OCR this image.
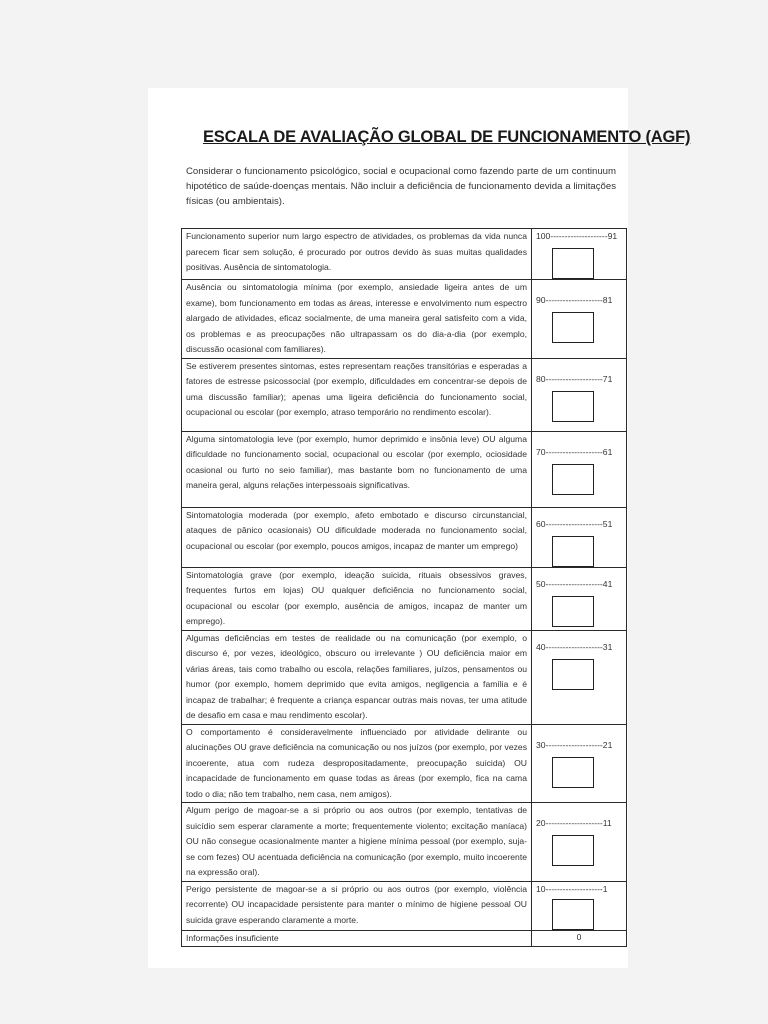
ESCALA DE AVALIAÇÃO GLOBAL DE FUNCIONAMENTO (AGF)
Considerar o funcionamento psicológico, social e ocupacional como fazendo parte de um continuum hipotético de saúde-doenças mentais. Não incluir a deficiência de funcionamento devida a limitações físicas (ou ambientais).
Funcionamento superior num largo espectro de atividades, os problemas da vida nunca parecem ficar sem solução, é procurado por outros devido às suas muitas qualidades positivas. Ausência de sintomatologia.	100--------------------91

Ausência ou sintomatologia mínima (por exemplo, ansiedade ligeira antes de um exame), bom funcionamento em todas as áreas, interesse e envolvimento num espectro alargado de atividades, eficaz socialmente, de uma maneira geral satisfeito com a vida, os problemas e as preocupações não ultrapassam os do dia-a-dia (por exemplo, discussão ocasional com familiares).	90--------------------81

Se estiverem presentes sintomas, estes representam reações transitórias e esperadas a fatores de estresse psicossocial (por exemplo, dificuldades em concentrar-se depois de uma discussão familiar); apenas uma ligeira deficiência do funcionamento social, ocupacional ou escolar (por exemplo, atraso temporário no rendimento escolar).	80--------------------71

Alguma sintomatologia leve (por exemplo, humor deprimido e insônia leve) OU alguma dificuldade no funcionamento social, ocupacional ou escolar (por exemplo, ociosidade ocasional ou furto no seio familiar), mas bastante bom no funcionamento de uma maneira geral, alguns relações interpessoais significativas.	70--------------------61

Sintomatologia moderada (por exemplo, afeto embotado e discurso circunstancial, ataques de pânico ocasionais) OU dificuldade moderada no funcionamento social, ocupacional ou escolar (por exemplo, poucos amigos, incapaz de manter um emprego)	60--------------------51

Sintomatologia grave (por exemplo, ideação suicida, rituais obsessivos graves, frequentes furtos em lojas) OU qualquer deficiência no funcionamento social, ocupacional ou escolar (por exemplo, ausência de amigos, incapaz de manter um emprego).	50--------------------41

Algumas deficiências em testes de realidade ou na comunicação (por exemplo, o discurso é, por vezes, ideológico, obscuro ou irrelevante ) OU deficiência maior em várias áreas, tais como trabalho ou escola, relações familiares, juízos, pensamentos ou humor (por exemplo, homem deprimido que evita amigos, negligencia a família e é incapaz de trabalhar; é frequente a criança espancar outras mais novas, ter uma atitude de desafio em casa e mau rendimento escolar).	40--------------------31

O comportamento é consideravelmente influenciado por atividade delirante ou alucinações OU grave deficiência na comunicação ou nos juízos (por exemplo, por vezes incoerente, atua com rudeza despropositadamente, preocupação suicida) OU incapacidade de funcionamento em quase todas as áreas (por exemplo, fica na cama todo o dia; não tem trabalho, nem casa, nem amigos).	30--------------------21

Algum perigo de magoar-se a si próprio ou aos outros (por exemplo, tentativas de suicídio sem esperar claramente a morte; frequentemente violento; excitação maníaca) OU não consegue ocasionalmente manter a higiene mínima pessoal (por exemplo, suja-se com fezes) OU acentuada deficiência na comunicação (por exemplo, muito incoerente na expressão oral).	20--------------------11

Perigo persistente de magoar-se a si próprio ou aos outros (por exemplo, violência recorrente) OU incapacidade persistente para manter o mínimo de higiene pessoal OU suicida grave esperando claramente a morte.	10--------------------1

Informações insuficiente	0
